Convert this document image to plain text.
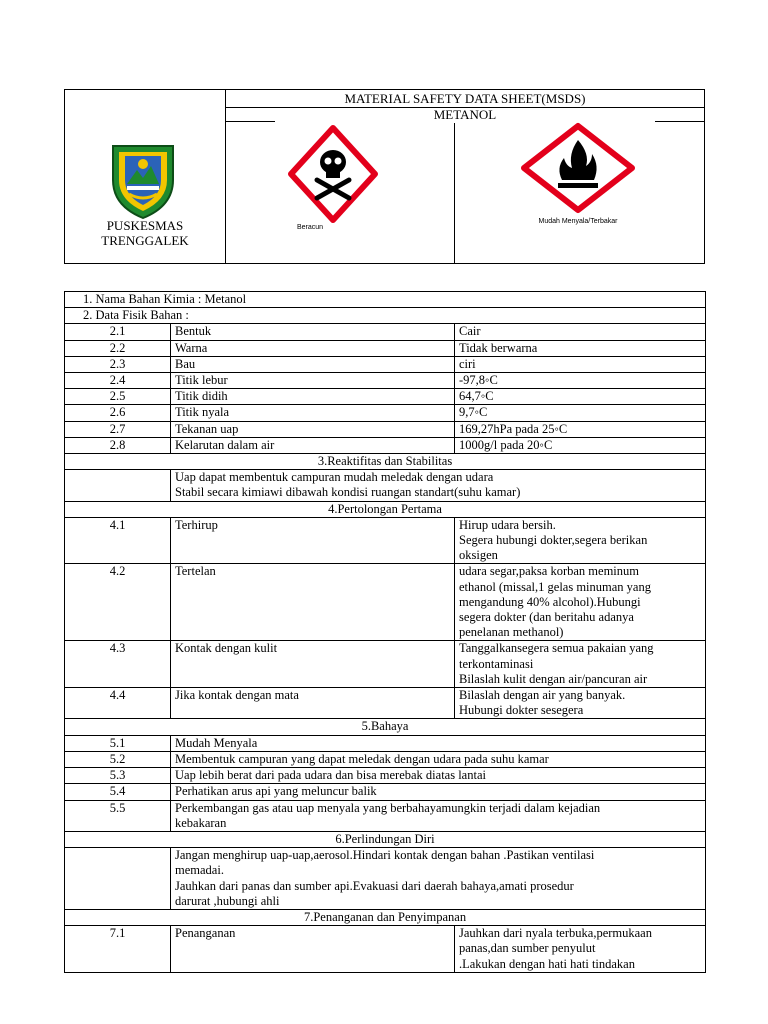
PUSKESMAS
TRENGGALEK
MATERIAL SAFETY DATA SHEET(MSDS)
METANOL
Beracun
Mudah Menyala/Terbakar
1. Nama Bahan Kimia : Metanol		
2. Data Fisik Bahan :		
2.1	Bentuk	Cair
2.2	Warna	Tidak berwarna
2.3	Bau	ciri
2.4	Titik lebur	-97,8◦C
2.5	Titik didih	64,7◦C
2.6	Titik nyala	9,7◦C
2.7	Tekanan uap	169,27hPa pada 25◦C
2.8	Kelarutan dalam air	1000g/l pada 20◦C
3.Reaktifitas dan Stabilitas		

	Uap dapat membentuk campuran mudah meledak dengan udara
Stabil secara kimiawi dibawah kondisi ruangan standart(suhu kamar)	

4.Pertolongan Pertama		
4.1	Terhirup	Hirup udara bersih.
Segera hubungi dokter,segera berikan
oksigen

4.2	Tertelan	udara segar,paksa korban meminum
ethanol (missal,1 gelas minuman yang
mengandung 40% alcohol).Hubungi
segera dokter (dan beritahu adanya
penelanan methanol)

4.3	Kontak dengan kulit	Tanggalkansegera semua pakaian yang
terkontaminasi
Bilaslah kulit dengan air/pancuran air

4.4	Jika kontak dengan mata	Bilaslah dengan air yang banyak.
Hubungi dokter sesegera

5.Bahaya		
5.1	Mudah Menyala	
5.2	Membentuk campuran yang dapat meledak dengan udara pada suhu kamar	
5.3	Uap lebih berat dari pada udara dan bisa merebak diatas lantai	
5.4	Perhatikan arus api yang meluncur balik	
5.5	Perkembangan gas atau uap menyala yang berbahayamungkin terjadi dalam kejadian
kebakaran	

6.Perlindungan Diri		

	Jangan menghirup uap-uap,aerosol.Hindari kontak dengan bahan .Pastikan ventilasi
memadai.
Jauhkan dari panas dan sumber api.Evakuasi dari daerah bahaya,amati prosedur
darurat ,hubungi ahli	

7.Penanganan dan Penyimpanan		
7.1	Penanganan	Jauhkan dari nyala terbuka,permukaan
panas,dan sumber penyulut
.Lakukan dengan hati hati tindakan
